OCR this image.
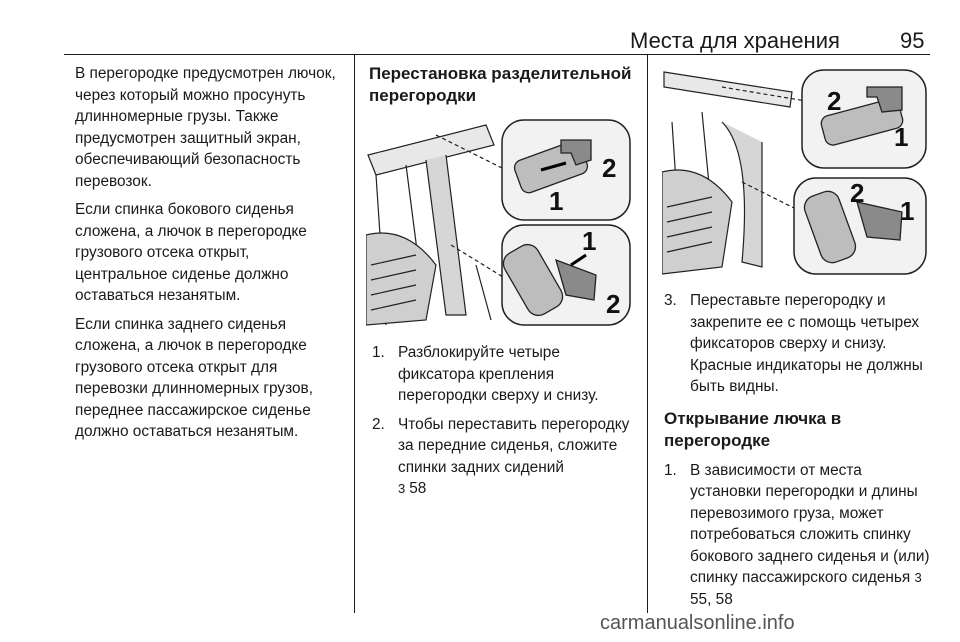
Места для хранения	95

В перегородке предусмотрен лючок, через который можно просунуть длинномерные грузы. Также предусмотрен защитный экран, обеспечивающий безопасность перевозок.

Если спинка бокового сиденья сложена, а лючок в перегородке грузового отсека открыт, центральное сиденье должно оставаться незанятым.

Если спинка заднего сиденья сложена, а лючок в перегородке грузового отсека открыт для перевозки длинномерных грузов, переднее пассажирское сиденье должно оставаться незанятым.

Перестановка разделительной перегородки
2
1
1
2
1. Разблокируйте четыре фиксатора крепления перегородки сверху и снизу.
2. Чтобы переставить перегородку за передние сиденья, сложите спинки задних сидений
3 58
2
1
2
1
3. Переставьте перегородку и закрепите ее с помощь четырех фиксаторов сверху и снизу. Красные индикаторы не должны быть видны.
Открывание лючка в перегородке
1. В зависимости от места установки перегородки и длины перевозимого груза, может потребоваться сложить спинку бокового заднего сиденья и (или) спинку пассажирского сиденья 355, 58
carmanualsonline.info
